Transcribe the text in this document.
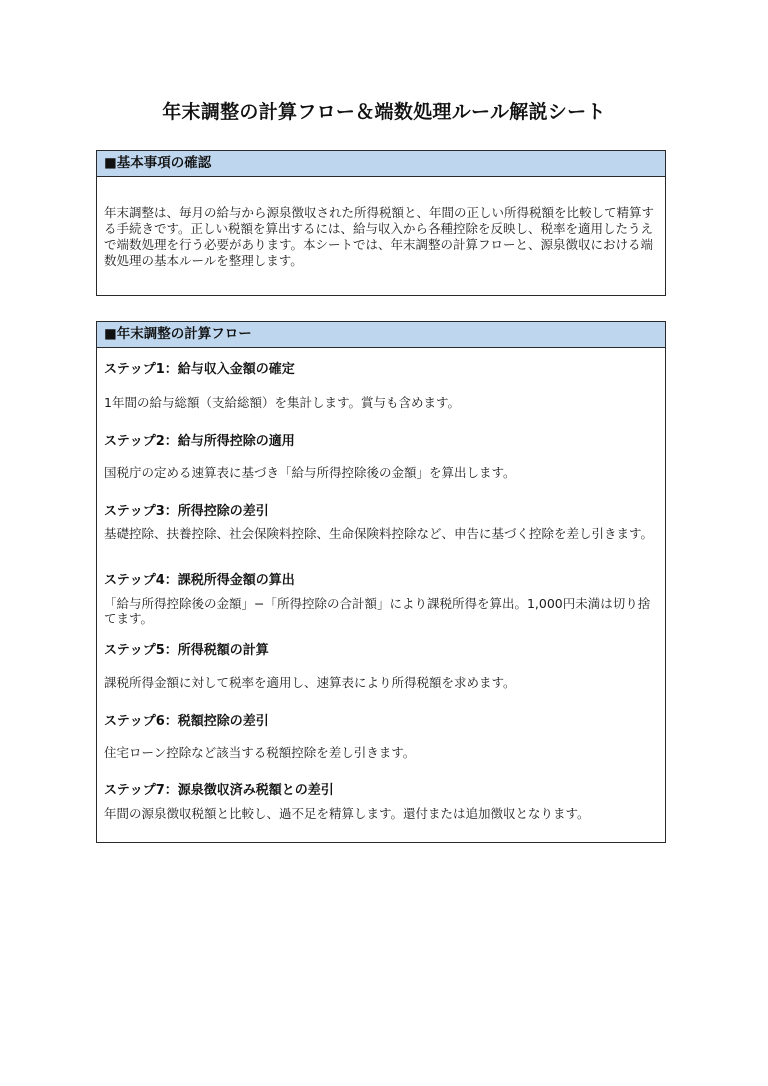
年末調整の計算フロー＆端数処理ルール解説シート
■基本事項の確認
年末調整は、毎月の給与から源泉徴収された所得税額と、年間の正しい所得税額を比較して精算する手続きです。正しい税額を算出するには、給与収入から各種控除を反映し、税率を適用したうえで端数処理を行う必要があります。本シートでは、年末調整の計算フローと、源泉徴収における端数処理の基本ルールを整理します。
■年末調整の計算フロー
ステップ1：給与収入金額の確定
1年間の給与総額（支給総額）を集計します。賞与も含めます。
ステップ2：給与所得控除の適用
国税庁の定める速算表に基づき「給与所得控除後の金額」を算出します。
ステップ3：所得控除の差引
基礎控除、扶養控除、社会保険料控除、生命保険料控除など、申告に基づく控除を差し引きます。
ステップ4：課税所得金額の算出
「給与所得控除後の金額」−「所得控除の合計額」により課税所得を算出。1,000円未満は切り捨てます。
ステップ5：所得税額の計算
課税所得金額に対して税率を適用し、速算表により所得税額を求めます。
ステップ6：税額控除の差引
住宅ローン控除など該当する税額控除を差し引きます。
ステップ7：源泉徴収済み税額との差引
年間の源泉徴収税額と比較し、過不足を精算します。還付または追加徴収となります。
